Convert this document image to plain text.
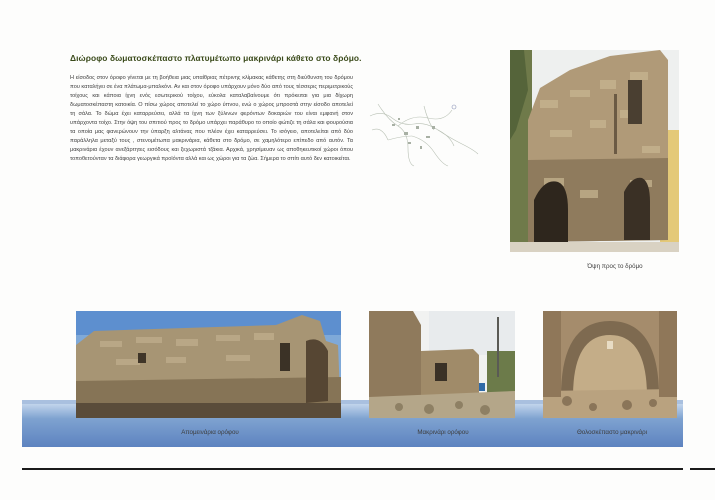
Διώροφο δωματοσκέπαστο πλατυμέτωπο μακρινάρι κάθετο στο δρόμο.
Η είσοδος στον όροφο γίνεται με τη βοήθεια μιας υπαίθριας πέτρινης κλίμακας κάθετης στη διεύθυνση του δρόμου που καταλήγει σε ένα πλάτωμα-μπαλκόνι. Αν και στον όροφο υπάρχουν μόνο δύο από τους τέσσερις περιμετρικούς τοίχους και κάποια ίχνη ενός εσωτερικού τοίχου, εύκολα καταλαβαίνουμε ότι πρόκειται για μια δίχωρη δωματοσκέπαστη κατοικία. Ο πίσω χώρος αποτελεί το χώρο ύπνου, ενώ ο χώρος μπροστά στην είσοδο αποτελεί τη σάλα. Το δώμα έχει καταρρεύσει, αλλά τα ίχνη των ξύλινων φερόντων δοκαριών του είναι εμφανή στον υπάρχοντα τοίχο. Στην όψη του σπιτιού προς το δρόμο υπάρχει παράθυρο το οποίο φώτιζε τη σάλα και φουρούσια τα οποία μας φανερώνουν την ύπαρξη αλτάνας που πλέον έχει καταρρεύσει. Το ισόγειο, αποτελείται από δύο παράλληλα μεταξύ τους , στενομέτωπα μακρινάρια, κάθετα στο δρόμο, σε χαμηλότερο επίπεδο από αυτόν. Τα μακρινάρια έχουν ανεξάρτητες εισόδους και ξεχωριστά τζάκια. Αρχικά, χρησίμευαν ως αποθηκευτικοί χώροι όπου τοποθετούνταν τα διάφορα γεωργικά προϊόντα αλλά και ως χώροι για τα ζώα. Σήμερα το σπίτι αυτό δεν κατοικείται.
Όψη προς το δρόμο
Απομεινάρια ορόφου	Μακρινάρι ορόφου	Θολοσκέπαστο μακρινάρι
